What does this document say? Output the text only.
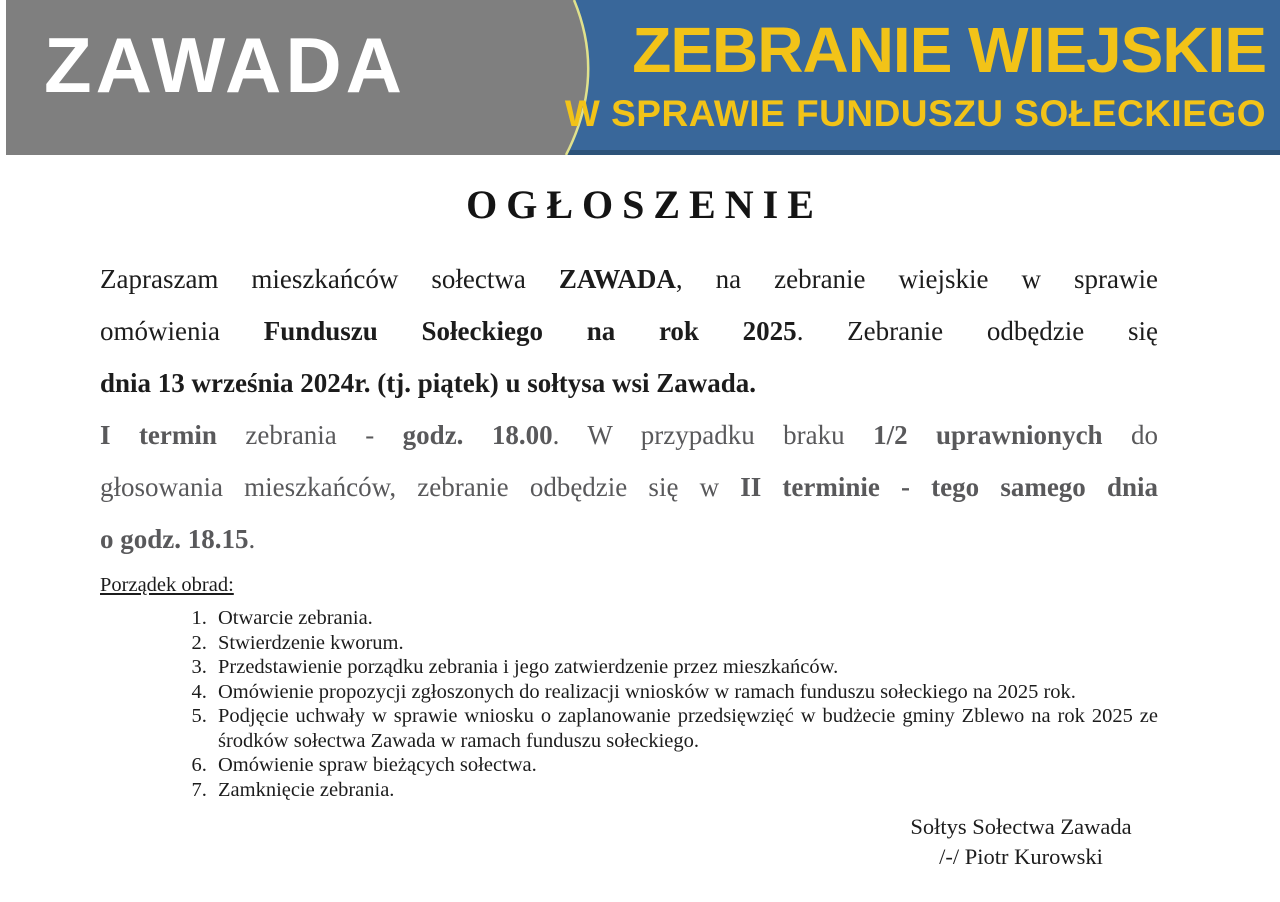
ZAWADA	ZEBRANIE WIEJSKIE
W SPRAWIE FUNDUSZU SOŁECKIEGO
OGŁOSZENIE
Zapraszam mieszkańców sołectwa ZAWADA, na zebranie wiejskie w sprawie
omówienia Funduszu Sołeckiego na rok 2025. Zebranie odbędzie się
dnia 13 września 2024r. (tj. piątek) u sołtysa wsi Zawada.
I termin zebrania - godz. 18.00. W przypadku braku 1/2 uprawnionych do
głosowania mieszkańców, zebranie odbędzie się w II terminie - tego samego dnia
o godz. 18.15.
Porządek obrad:
1. Otwarcie zebrania.
2. Stwierdzenie kworum.
3. Przedstawienie porządku zebrania i jego zatwierdzenie przez mieszkańców.
4. Omówienie propozycji zgłoszonych do realizacji wniosków w ramach funduszu sołeckiego na 2025 rok.
5. Podjęcie uchwały w sprawie wniosku o zaplanowanie przedsięwzięć w budżecie gminy Zblewo na rok 2025 ze środków sołectwa Zawada w ramach funduszu sołeckiego.
6. Omówienie spraw bieżących sołectwa.
7. Zamknięcie zebrania.
Sołtys Sołectwa Zawada
/-/ Piotr Kurowski
